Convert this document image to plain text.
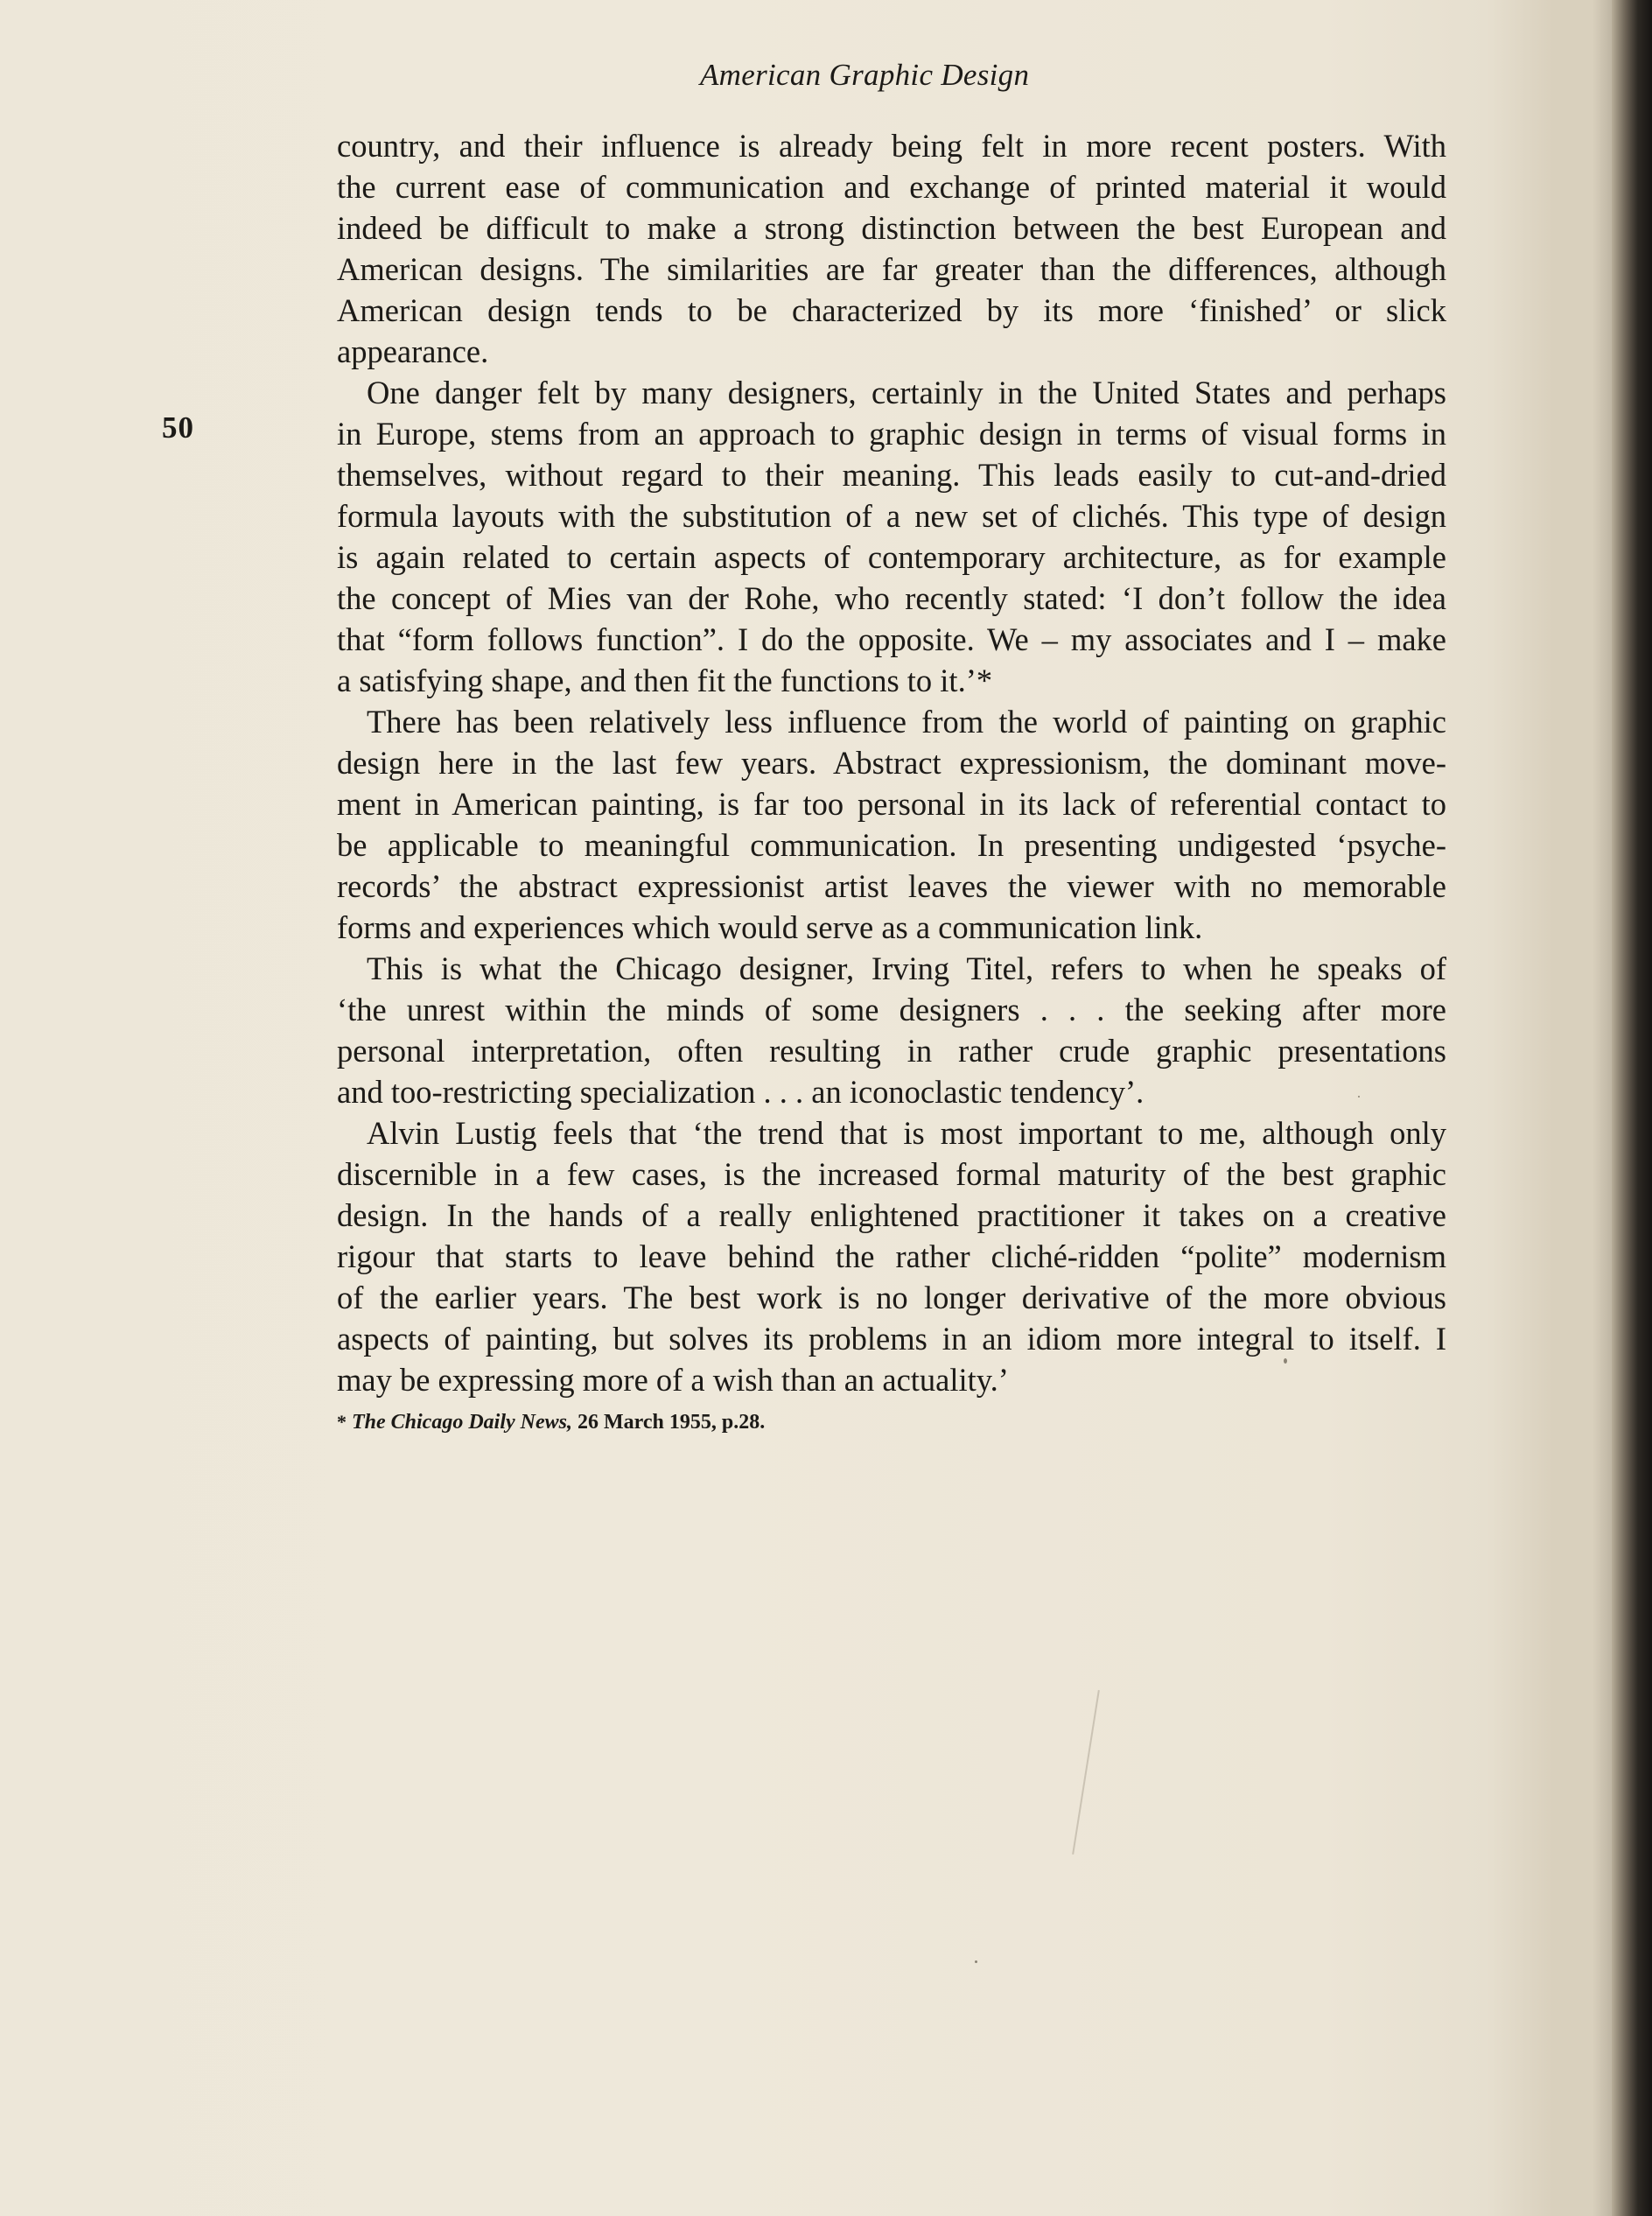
American Graphic Design
50
country, and their influence is already being felt in more recent posters. With
the current ease of communication and exchange of printed material it would
indeed be difficult to make a strong distinction between the best European and
American designs. The similarities are far greater than the differences, although
American design tends to be characterized by its more ‘finished’ or slick
appearance.
One danger felt by many designers, certainly in the United States and perhaps
in Europe, stems from an approach to graphic design in terms of visual forms in
themselves, without regard to their meaning. This leads easily to cut-and-dried
formula layouts with the substitution of a new set of clichés. This type of design
is again related to certain aspects of contemporary architecture, as for example
the concept of Mies van der Rohe, who recently stated: ‘I don’t follow the idea
that “form follows function”. I do the opposite. We – my associates and I – make
a satisfying shape, and then fit the functions to it.’*
There has been relatively less influence from the world of painting on graphic
design here in the last few years. Abstract expressionism, the dominant move-
ment in American painting, is far too personal in its lack of referential contact to
be applicable to meaningful communication. In presenting undigested ‘psyche-
records’ the abstract expressionist artist leaves the viewer with no memorable
forms and experiences which would serve as a communication link.
This is what the Chicago designer, Irving Titel, refers to when he speaks of
‘the unrest within the minds of some designers . . . the seeking after more
personal interpretation, often resulting in rather crude graphic presentations
and too-restricting specialization . . . an iconoclastic tendency’.
Alvin Lustig feels that ‘the trend that is most important to me, although only
discernible in a few cases, is the increased formal maturity of the best graphic
design. In the hands of a really enlightened practitioner it takes on a creative
rigour that starts to leave behind the rather cliché-ridden “polite” modernism
of the earlier years. The best work is no longer derivative of the more obvious
aspects of painting, but solves its problems in an idiom more integral to itself. I
may be expressing more of a wish than an actuality.’
* The Chicago Daily News, 26 March 1955, p.28.
